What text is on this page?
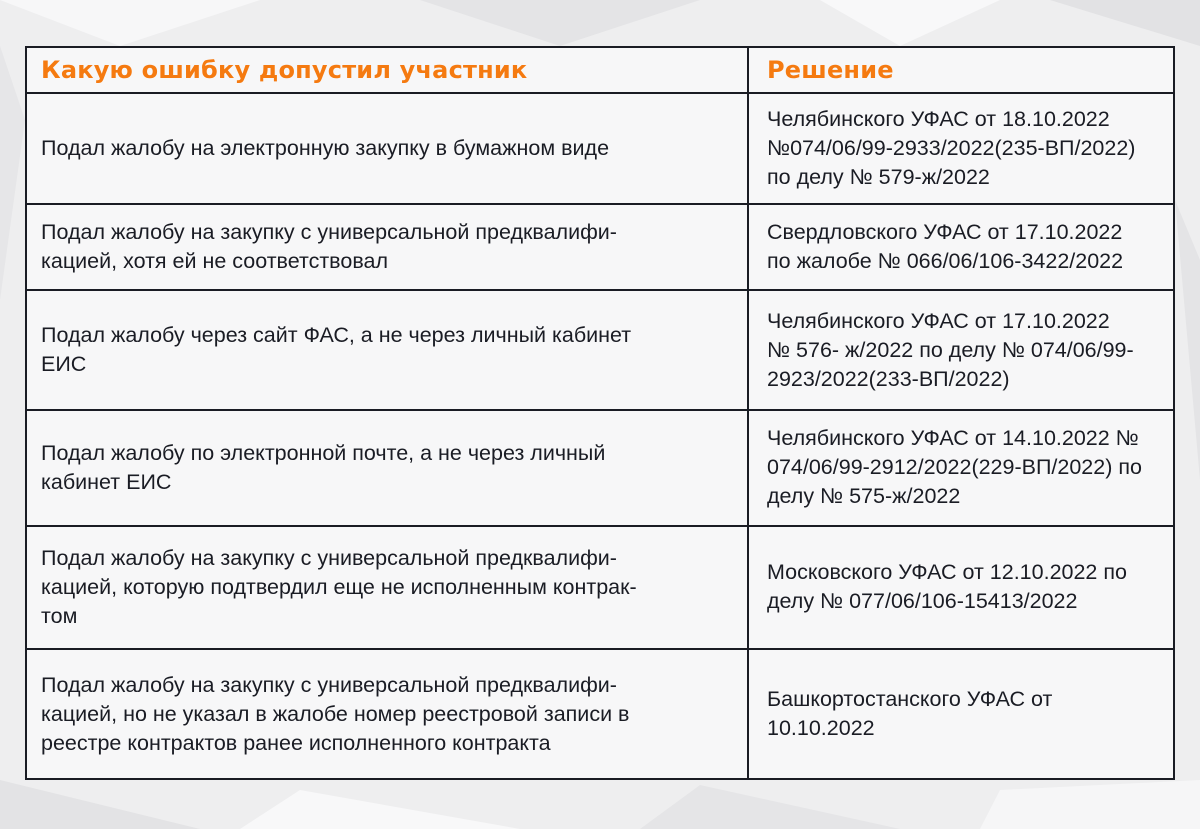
Какую ошибку допустил участник	Решение

Подал жалобу на электронную закупку в бумажном виде	Челябинского УФАС от 18.10.2022
№074/06/99-2933/2022(235-ВП/2022)
по делу № 579-ж/2022

Подал жалобу на закупку с универсальной предквалифи-
кацией, хотя ей не соответствовал	Свердловского УФАС от 17.10.2022
по жалобе № 066/06/106-3422/2022

Подал жалобу через сайт ФАС, а не через личный кабинет
ЕИС	Челябинского УФАС от 17.10.2022
№ 576- ж/2022 по делу № 074/06/99-
2923/2022(233-ВП/2022)

Подал жалобу по электронной почте, а не через личный
кабинет ЕИС	Челябинского УФАС от 14.10.2022 №
074/06/99-2912/2022(229-ВП/2022) по
делу № 575-ж/2022

Подал жалобу на закупку с универсальной предквалифи-
кацией, которую подтвердил еще не исполненным контрак-
том	Московского УФАС от 12.10.2022 по
делу № 077/06/106-15413/2022

Подал жалобу на закупку с универсальной предквалифи-
кацией, но не указал в жалобе номер реестровой записи в
реестре контрактов ранее исполненного контракта	Башкортостанского УФАС от
10.10.2022
